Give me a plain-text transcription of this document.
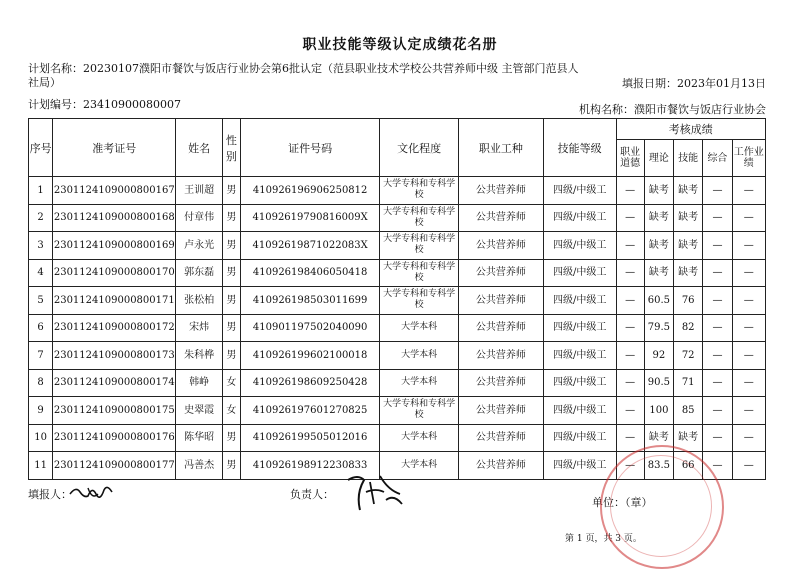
职业技能等级认定成绩花名册
计划名称：20230107濮阳市餐饮与饭店行业协会第6批认定（范县职业技术学校公共营养师中级 主管部门范县人社局）	填报日期：2023年01月13日
计划编号：23410900080007	机构名称：濮阳市餐饮与饭店行业协会
序号	准考证号	姓名	性别	证件号码	文化程度	职业工种	技能等级	考核成绩				
								职业道德	理论	技能	综合	工作业绩
1	2301124109000800167	王训超	男	410926196906250812	大学专科和专科学校	公共营养师	四级/中级工	—	缺考	缺考	—	—
2	2301124109000800168	付章伟	男	41092619790816009X	大学专科和专科学校	公共营养师	四级/中级工	—	缺考	缺考	—	—
3	2301124109000800169	卢永光	男	41092619871022083X	大学专科和专科学校	公共营养师	四级/中级工	—	缺考	缺考	—	—
4	2301124109000800170	郭东磊	男	410926198406050418	大学专科和专科学校	公共营养师	四级/中级工	—	缺考	缺考	—	—
5	2301124109000800171	张松柏	男	410926198503011699	大学专科和专科学校	公共营养师	四级/中级工	—	60.5	76	—	—
6	2301124109000800172	宋炜	男	410901197502040090	大学本科	公共营养师	四级/中级工	—	79.5	82	—	—
7	2301124109000800173	朱科桦	男	410926199602100018	大学本科	公共营养师	四级/中级工	—	92	72	—	—
8	2301124109000800174	韩峥	女	410926198609250428	大学本科	公共营养师	四级/中级工	—	90.5	71	—	—
9	2301124109000800175	史翠霞	女	410926197601270825	大学专科和专科学校	公共营养师	四级/中级工	—	100	85	—	—
10	2301124109000800176	陈华昭	男	410926199505012016	大学本科	公共营养师	四级/中级工	—	缺考	缺考	—	—
11	2301124109000800177	冯善杰	男	410926198912230833	大学本科	公共营养师	四级/中级工	—	83.5	66	—	—
填报人：	负责人：
单位：（章）
第 1 页，共 3 页。
